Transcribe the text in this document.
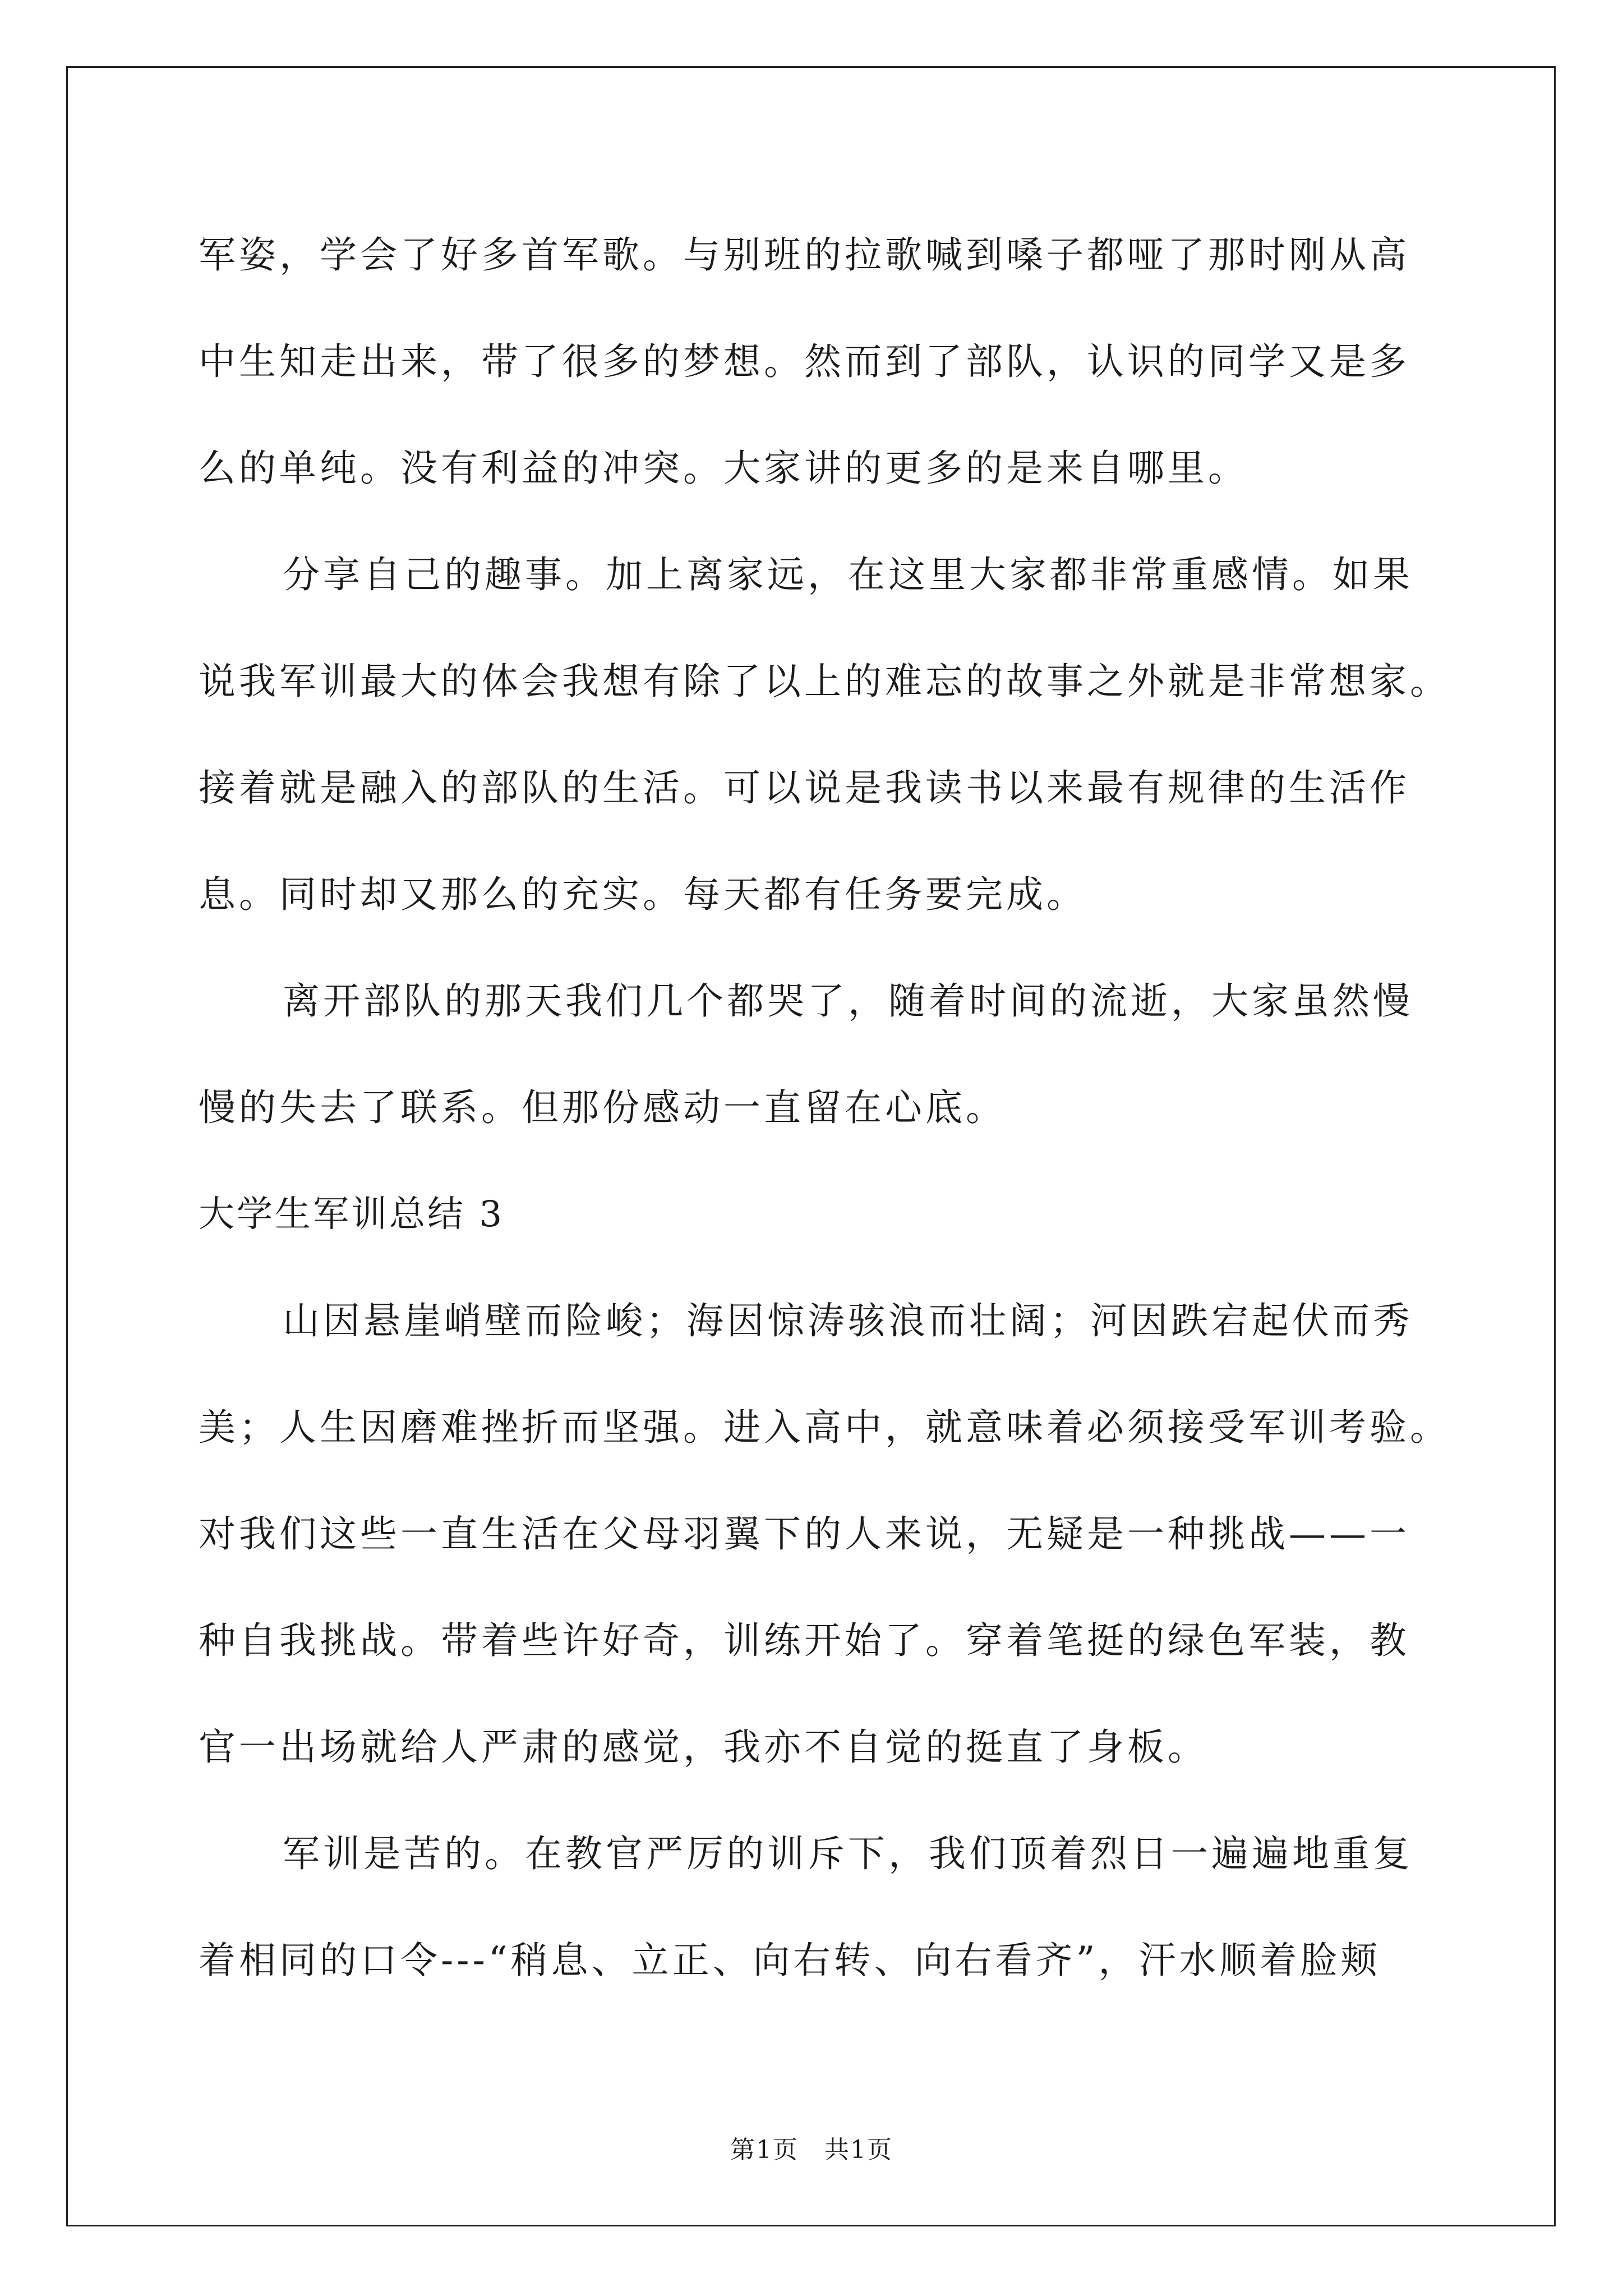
军姿，学会了好多首军歌。与别班的拉歌喊到嗓子都哑了那时刚从高
中生知走出来，带了很多的梦想。然而到了部队，认识的同学又是多
么的单纯。没有利益的冲突。大家讲的更多的是来自哪里。
分享自己的趣事。加上离家远，在这里大家都非常重感情。如果
说我军训最大的体会我想有除了以上的难忘的故事之外就是非常想家。
接着就是融入的部队的生活。可以说是我读书以来最有规律的生活作
息。同时却又那么的充实。每天都有任务要完成。
离开部队的那天我们几个都哭了，随着时间的流逝，大家虽然慢
慢的失去了联系。但那份感动一直留在心底。
大学生军训总结 3
山因悬崖峭壁而险峻；海因惊涛骇浪而壮阔；河因跌宕起伏而秀
美；人生因磨难挫折而坚强。进入高中，就意味着必须接受军训考验。
对我们这些一直生活在父母羽翼下的人来说，无疑是一种挑战——一
种自我挑战。带着些许好奇，训练开始了。穿着笔挺的绿色军装，教
官一出场就给人严肃的感觉，我亦不自觉的挺直了身板。
军训是苦的。在教官严厉的训斥下，我们顶着烈日一遍遍地重复
着相同的口令---“稍息、立正、向右转、向右看齐”，汗水顺着脸颊
第1页　共1页
